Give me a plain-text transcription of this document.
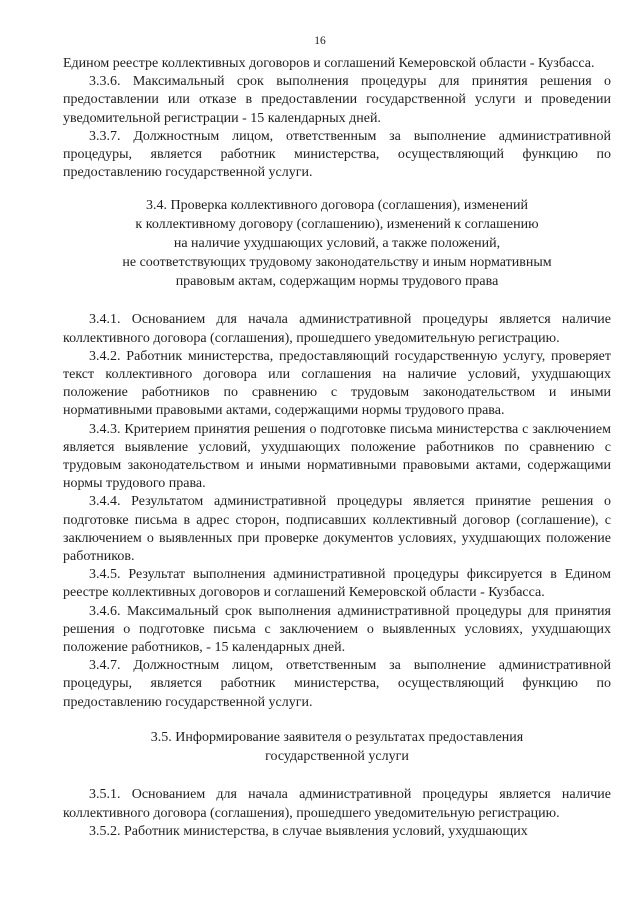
16

Едином реестре коллективных договоров и соглашений Кемеровской области - Кузбасса.

3.3.6. Максимальный срок выполнения процедуры для принятия решения о предоставлении или отказе в предоставлении государственной услуги и проведении уведомительной регистрации - 15 календарных дней.

3.3.7. Должностным лицом, ответственным за выполнение административной процедуры, является работник министерства, осуществляющий функцию по предоставлению государственной услуги.

3.4. Проверка коллективного договора (соглашения), изменений
к коллективному договору (соглашению), изменений к соглашению
на наличие ухудшающих условий, а также положений,
не соответствующих трудовому законодательству и иным нормативным
правовым актам, содержащим нормы трудового права

3.4.1. Основанием для начала административной процедуры является наличие коллективного договора (соглашения), прошедшего уведомительную регистрацию.

3.4.2. Работник министерства, предоставляющий государственную услугу, проверяет текст коллективного договора или соглашения на наличие условий, ухудшающих положение работников по сравнению с трудовым законодательством и иными нормативными правовыми актами, содержащими нормы трудового права.

3.4.3. Критерием принятия решения о подготовке письма министерства с заключением является выявление условий, ухудшающих положение работников по сравнению с трудовым законодательством и иными нормативными правовыми актами, содержащими нормы трудового права.

3.4.4. Результатом административной процедуры является принятие решения о подготовке письма в адрес сторон, подписавших коллективный договор (соглашение), с заключением о выявленных при проверке документов условиях, ухудшающих положение работников.

3.4.5. Результат выполнения административной процедуры фиксируется в Едином реестре коллективных договоров и соглашений Кемеровской области - Кузбасса.

3.4.6. Максимальный срок выполнения административной процедуры для принятия решения о подготовке письма с заключением о выявленных условиях, ухудшающих положение работников, - 15 календарных дней.

3.4.7. Должностным лицом, ответственным за выполнение административной процедуры, является работник министерства, осуществляющий функцию по предоставлению государственной услуги.

3.5. Информирование заявителя о результатах предоставления
государственной услуги

3.5.1. Основанием для начала административной процедуры является наличие коллективного договора (соглашения), прошедшего уведомительную регистрацию.

3.5.2. Работник министерства, в случае выявления условий, ухудшающих
